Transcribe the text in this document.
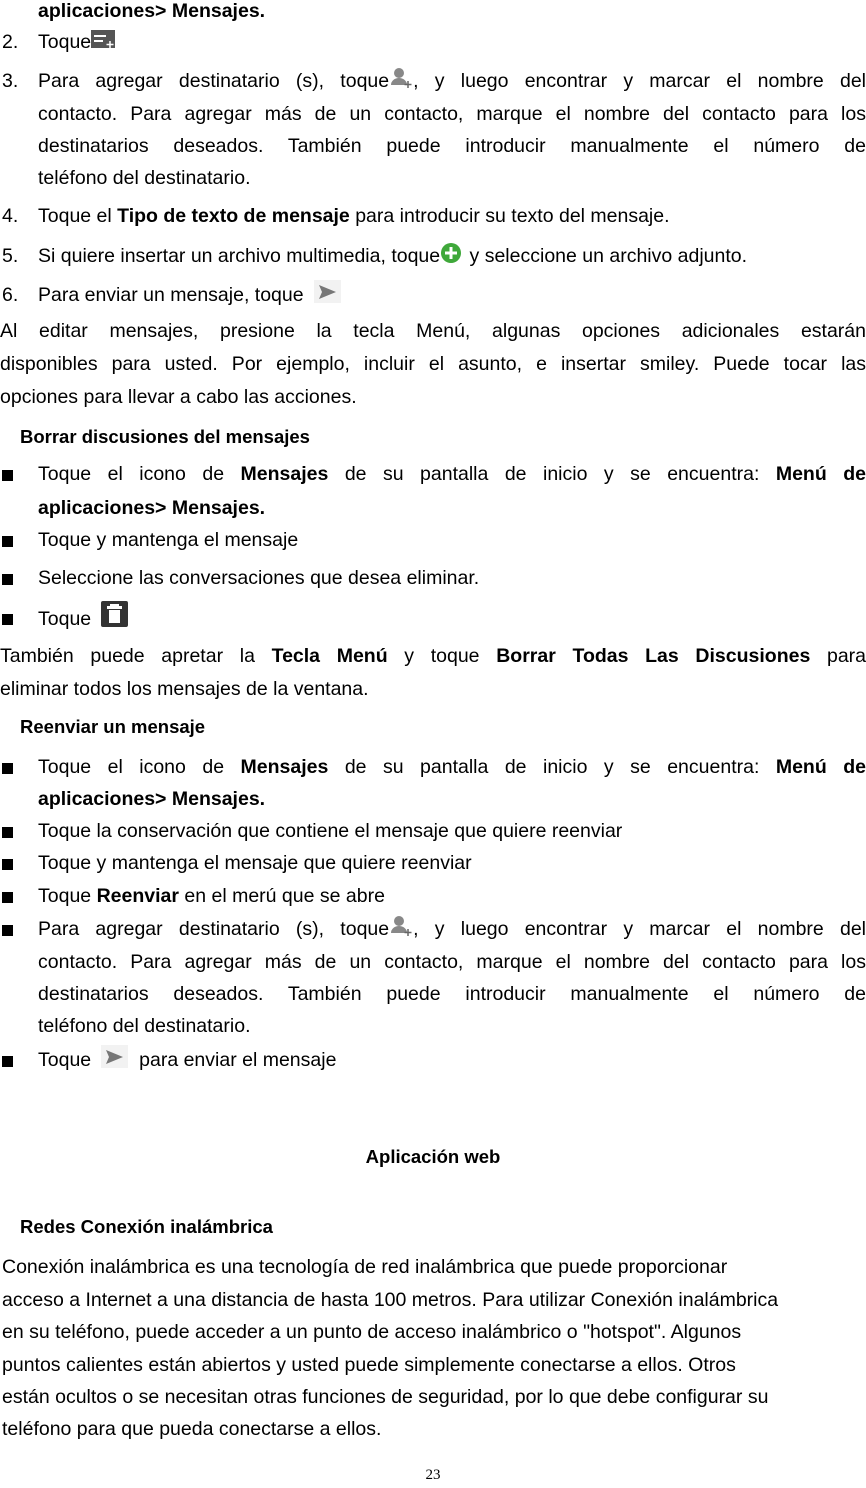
aplicaciones> Mensajes.
2. Toque
3. Para agregar destinatario (s), toque , y luego encontrar y marcar el nombre del
contacto. Para agregar más de un contacto, marque el nombre del contacto para los
destinatarios deseados. También puede introducir manualmente el número de
teléfono del destinatario.
4. Toque el Tipo de texto de mensaje para introducir su texto del mensaje.
5. Si quiere insertar un archivo multimedia, toque y seleccione un archivo adjunto.
6. Para enviar un mensaje, toque
Al editar mensajes, presione la tecla Menú, algunas opciones adicionales estarán
disponibles para usted. Por ejemplo, incluir el asunto, e insertar smiley. Puede tocar las
opciones para llevar a cabo las acciones.
Borrar discusiones del mensajes
Toque el icono de Mensajes de su pantalla de inicio y se encuentra: Menú de
aplicaciones> Mensajes.
Toque y mantenga el mensaje
Seleccione las conversaciones que desea eliminar.
Toque
También puede apretar la Tecla Menú y toque Borrar Todas Las Discusiones para
eliminar todos los mensajes de la ventana.
Reenviar un mensaje
Toque el icono de Mensajes de su pantalla de inicio y se encuentra: Menú de
aplicaciones> Mensajes.
Toque la conservación que contiene el mensaje que quiere reenviar
Toque y mantenga el mensaje que quiere reenviar
Toque Reenviar en el merú que se abre
Para agregar destinatario (s), toque , y luego encontrar y marcar el nombre del
contacto. Para agregar más de un contacto, marque el nombre del contacto para los
destinatarios deseados. También puede introducir manualmente el número de
teléfono del destinatario.
Toque para enviar el mensaje
Aplicación web
Redes Conexión inalámbrica
Conexión inalámbrica es una tecnología de red inalámbrica que puede proporcionar
acceso a Internet a una distancia de hasta 100 metros. Para utilizar Conexión inalámbrica
en su teléfono, puede acceder a un punto de acceso inalámbrico o "hotspot". Algunos
puntos calientes están abiertos y usted puede simplemente conectarse a ellos. Otros
están ocultos o se necesitan otras funciones de seguridad, por lo que debe configurar su
teléfono para que pueda conectarse a ellos.
23
